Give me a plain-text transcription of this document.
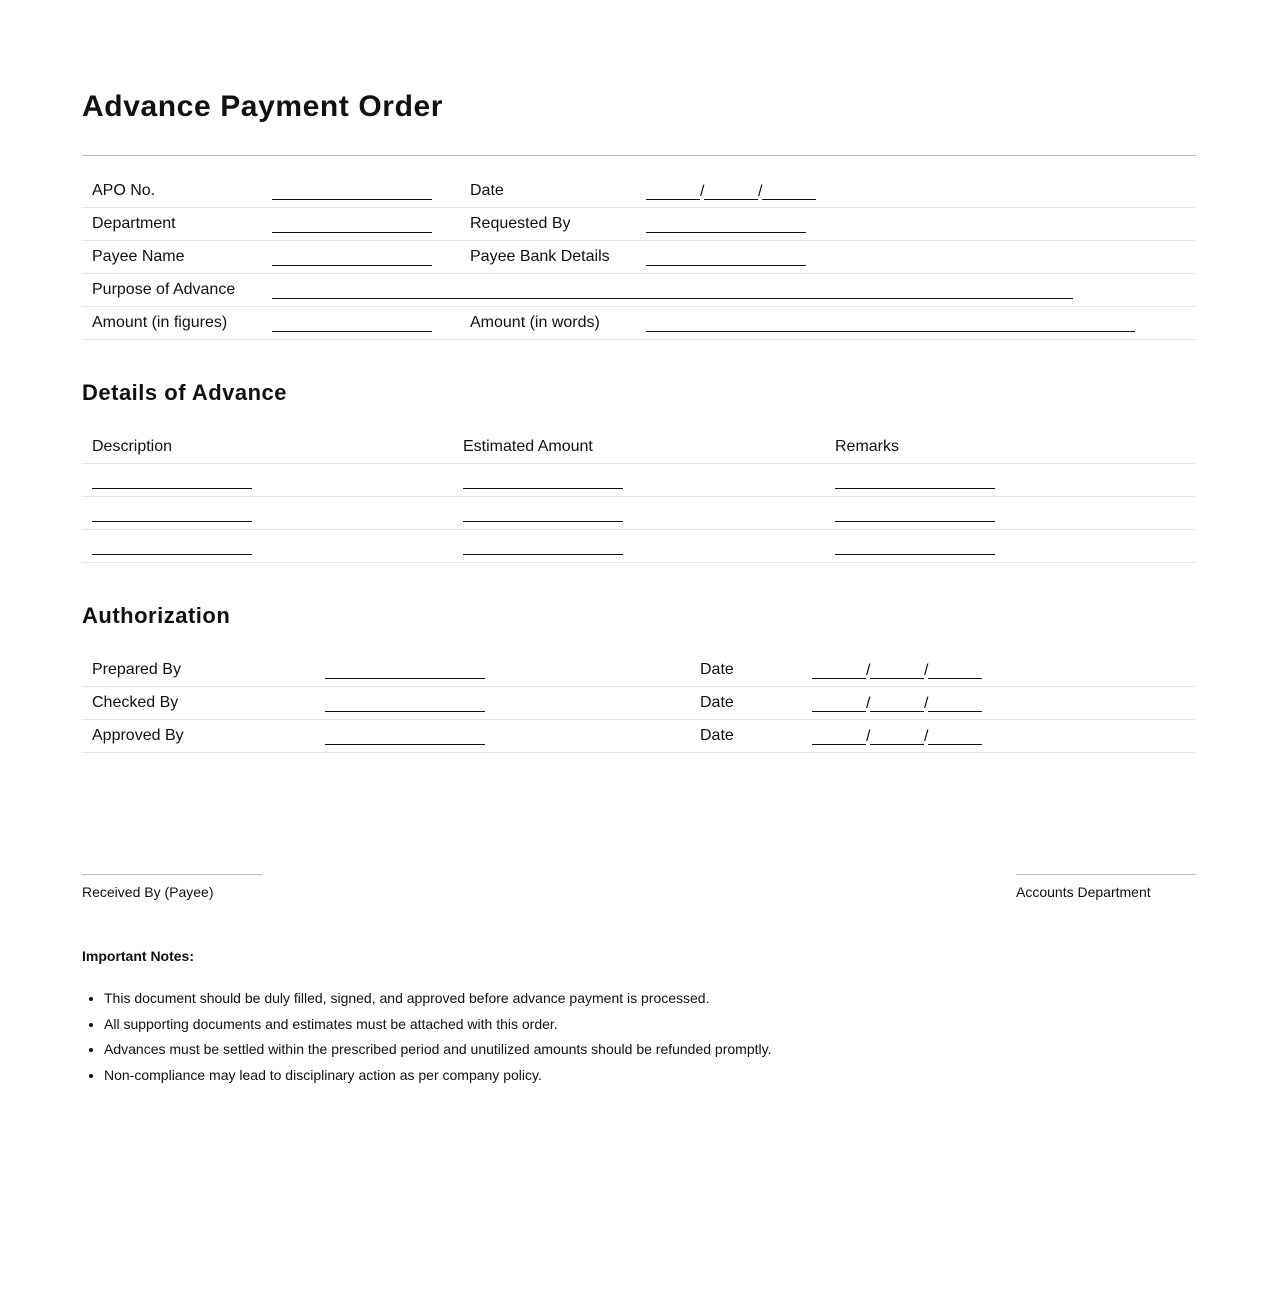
Advance Payment Order
APO No.	Date	/	/
Department	Requested By
Payee Name	Payee Bank Details
Purpose of Advance
Amount (in figures)	Amount (in words)
Details of Advance
Description	Estimated Amount	Remarks
Authorization
Prepared By	Date	/	/
Checked By	Date	/	/
Approved By	Date	/	/
Received By (Payee)	Accounts Department
Important Notes:
• This document should be duly filled, signed, and approved before advance payment is processed.
• All supporting documents and estimates must be attached with this order.
• Advances must be settled within the prescribed period and unutilized amounts should be refunded promptly.
• Non-compliance may lead to disciplinary action as per company policy.
